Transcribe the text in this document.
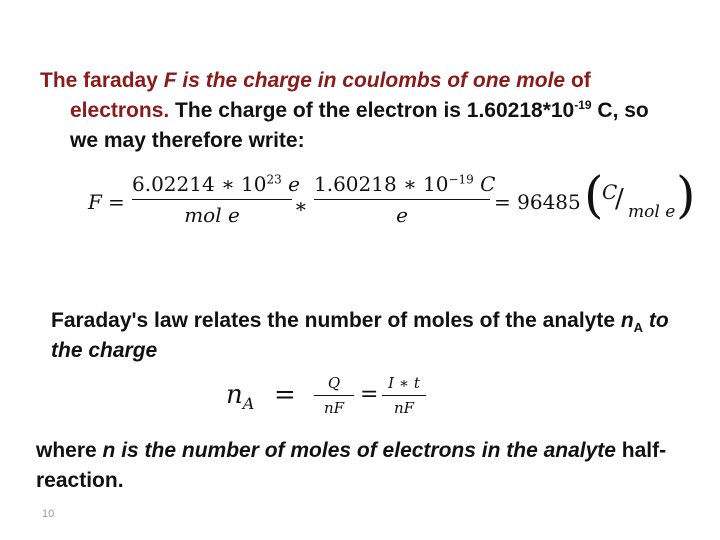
The faraday F is the charge in coulombs of one mole of
electrons. The charge of the electron is $1.60218*10^{-19}$ C, so
we may therefore write:
F =
6.02214 ∗ $10^{23}$ e
mol e	∗
1.60218 ∗ $10^{-19}$ C
e
= 96485 (
C
/ mol e )
Faraday's law relates the number of moles of the analyte $n_A$ to
the charge
$n_A$ =	Q
nF
= I ∗ t
nF
where n is the number of moles of electrons in the analyte half-
reaction.
10
